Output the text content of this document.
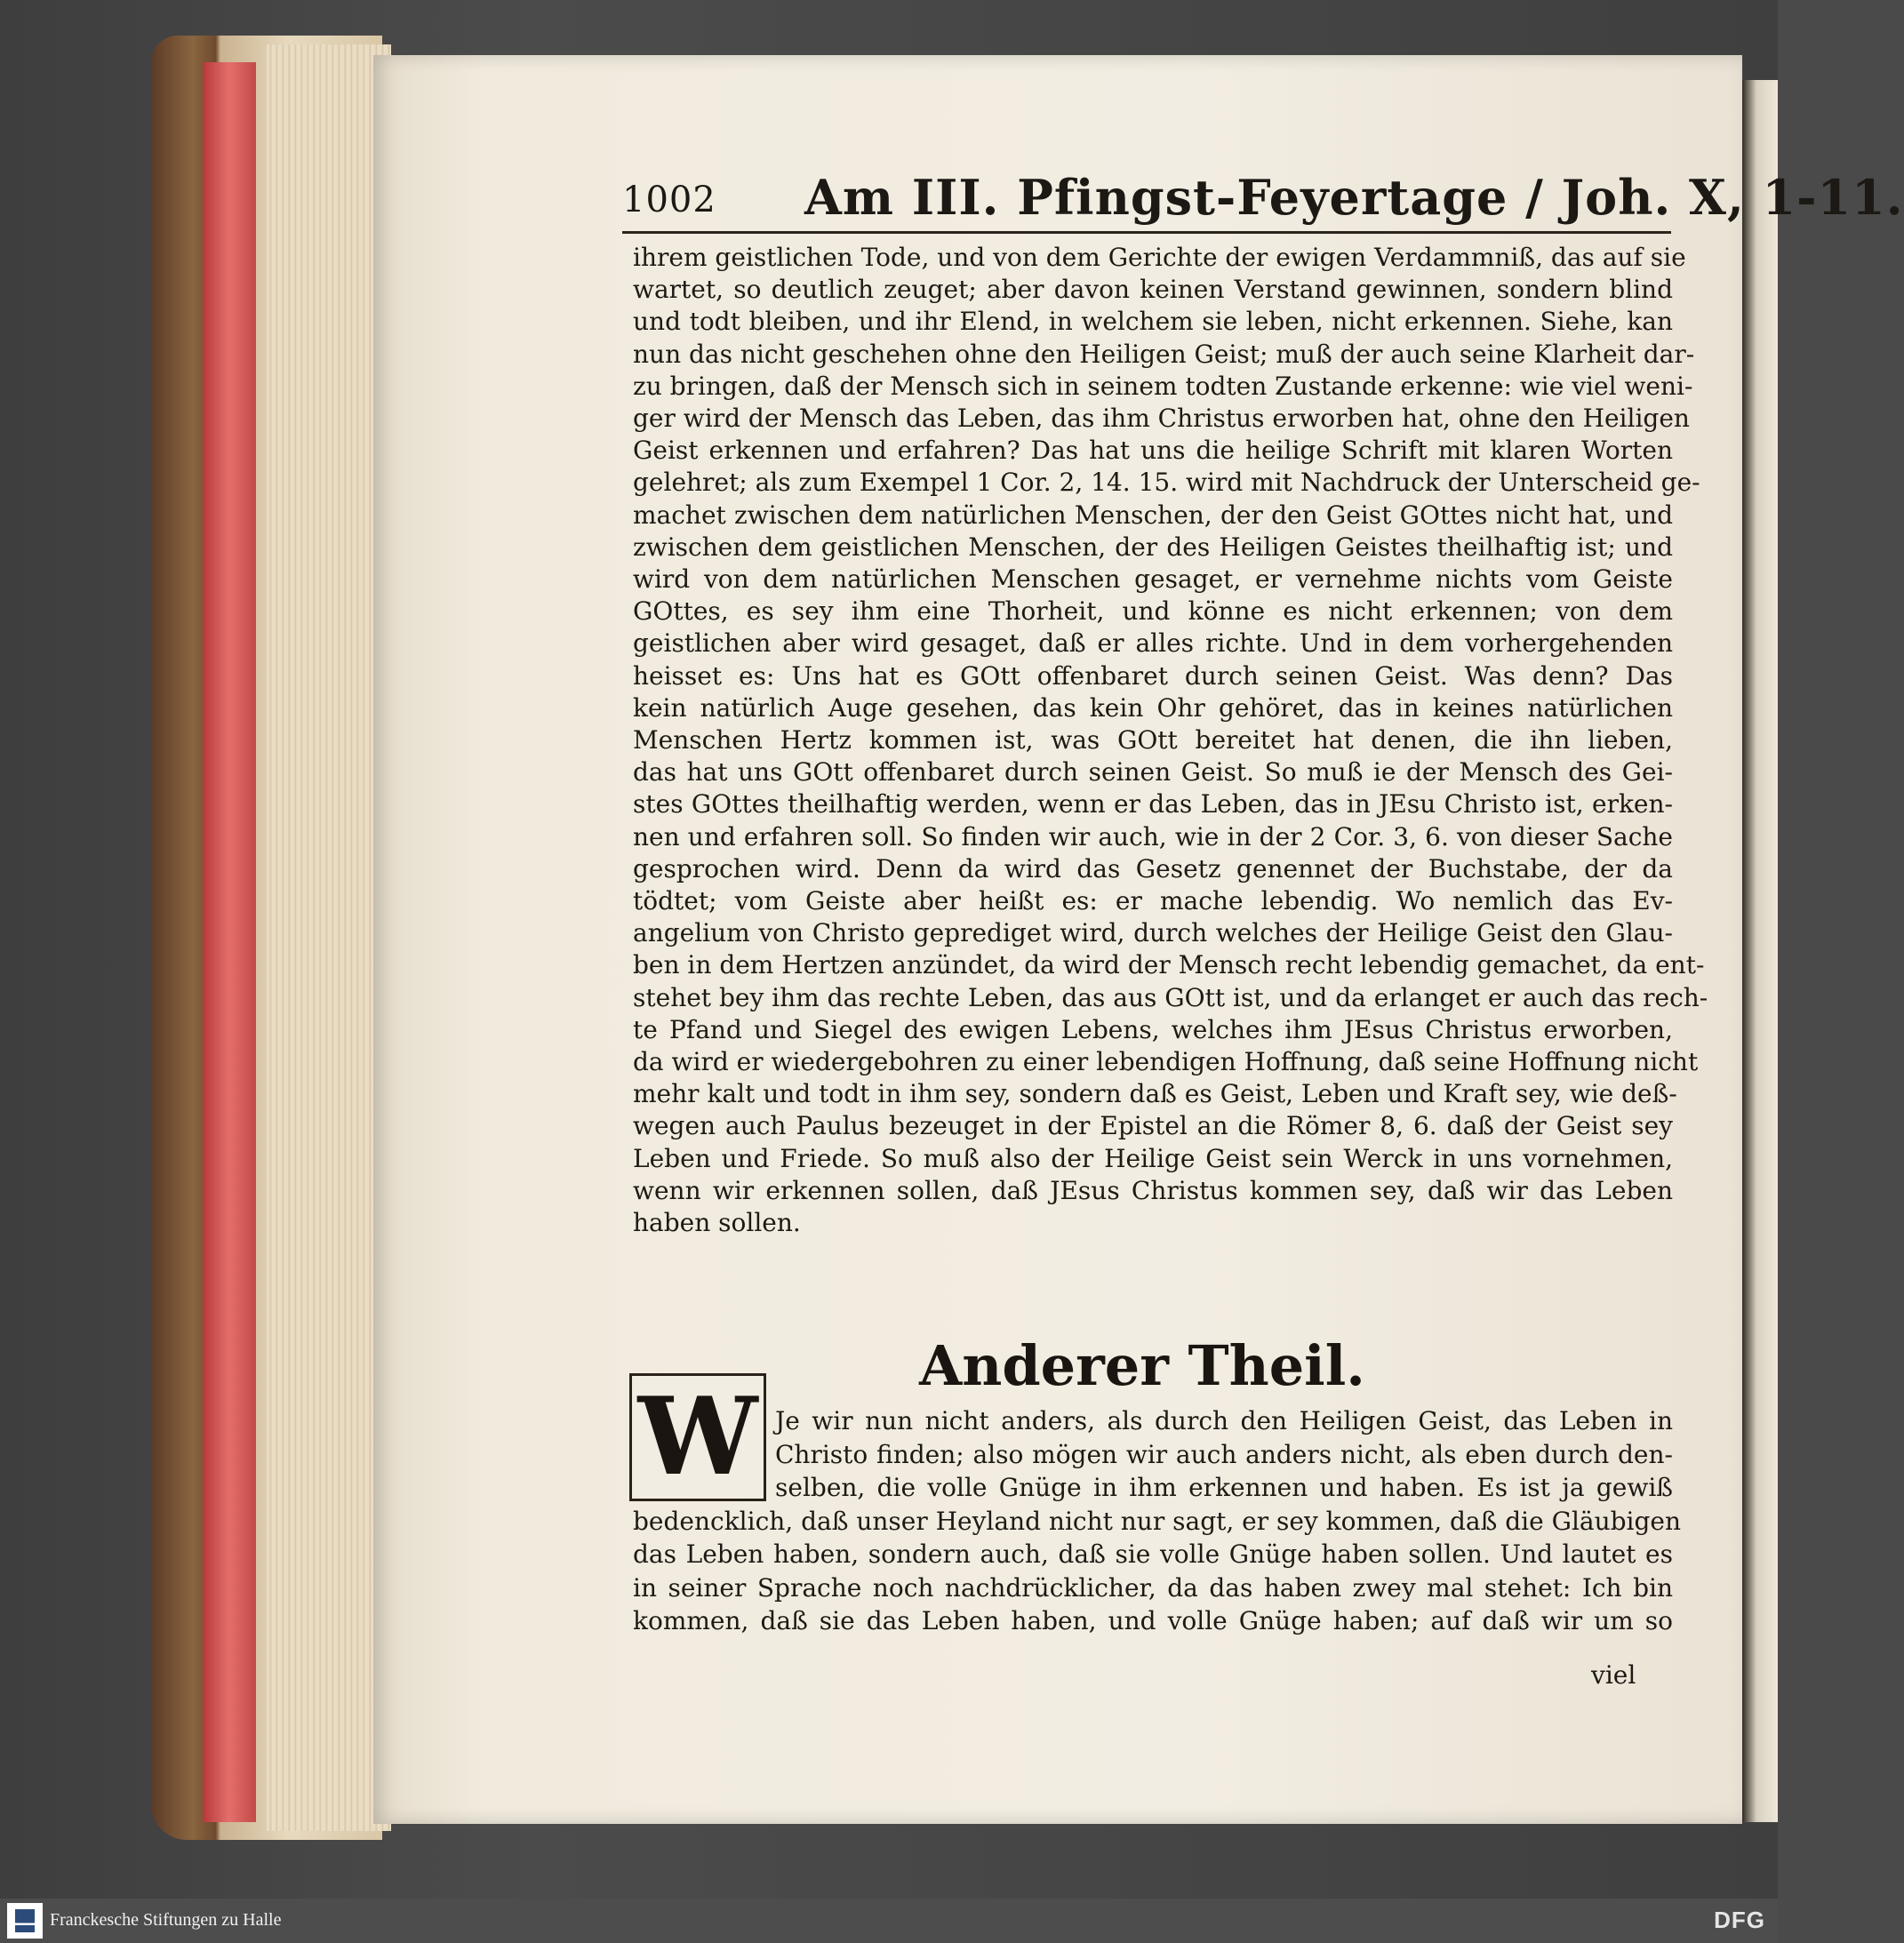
1002 Am III. Pfingst-Feyertage / Joh. X, 1-11.
ihrem geistlichen Tode, und von dem Gerichte der ewigen Verdammniß, das auf sie
wartet, so deutlich zeuget; aber davon keinen Verstand gewinnen, sondern blind
und todt bleiben, und ihr Elend, in welchem sie leben, nicht erkennen. Siehe, kan
nun das nicht geschehen ohne den Heiligen Geist; muß der auch seine Klarheit dar-
zu bringen, daß der Mensch sich in seinem todten Zustande erkenne: wie viel weni-
ger wird der Mensch das Leben, das ihm Christus erworben hat, ohne den Heiligen
Geist erkennen und erfahren? Das hat uns die heilige Schrift mit klaren Worten
gelehret; als zum Exempel 1 Cor. 2, 14. 15. wird mit Nachdruck der Unterscheid ge-
machet zwischen dem natürlichen Menschen, der den Geist GOttes nicht hat, und
zwischen dem geistlichen Menschen, der des Heiligen Geistes theilhaftig ist; und
wird von dem natürlichen Menschen gesaget, er vernehme nichts vom Geiste
GOttes, es sey ihm eine Thorheit, und könne es nicht erkennen; von dem
geistlichen aber wird gesaget, daß er alles richte. Und in dem vorhergehenden
heisset es: Uns hat es GOtt offenbaret durch seinen Geist. Was denn? Das
kein natürlich Auge gesehen, das kein Ohr gehöret, das in keines natürlichen
Menschen Hertz kommen ist, was GOtt bereitet hat denen, die ihn lieben,
das hat uns GOtt offenbaret durch seinen Geist. So muß ie der Mensch des Gei-
stes GOttes theilhaftig werden, wenn er das Leben, das in JEsu Christo ist, erken-
nen und erfahren soll. So finden wir auch, wie in der 2 Cor. 3, 6. von dieser Sache
gesprochen wird. Denn da wird das Gesetz genennet der Buchstabe, der da
tödtet; vom Geiste aber heißt es: er mache lebendig. Wo nemlich das Ev-
angelium von Christo geprediget wird, durch welches der Heilige Geist den Glau-
ben in dem Hertzen anzündet, da wird der Mensch recht lebendig gemachet, da ent-
stehet bey ihm das rechte Leben, das aus GOtt ist, und da erlanget er auch das rech-
te Pfand und Siegel des ewigen Lebens, welches ihm JEsus Christus erworben,
da wird er wiedergebohren zu einer lebendigen Hoffnung, daß seine Hoffnung nicht
mehr kalt und todt in ihm sey, sondern daß es Geist, Leben und Kraft sey, wie deß-
wegen auch Paulus bezeuget in der Epistel an die Römer 8, 6. daß der Geist sey
Leben und Friede. So muß also der Heilige Geist sein Werck in uns vornehmen,
wenn wir erkennen sollen, daß JEsus Christus kommen sey, daß wir das Leben
haben sollen.
Anderer Theil.
W Je wir nun nicht anders, als durch den Heiligen Geist, das Leben in
Christo finden; also mögen wir auch anders nicht, als eben durch den-
selben, die volle Gnüge in ihm erkennen und haben. Es ist ja gewiß
bedencklich, daß unser Heyland nicht nur sagt, er sey kommen, daß die Gläubigen
das Leben haben, sondern auch, daß sie volle Gnüge haben sollen. Und lautet es
in seiner Sprache noch nachdrücklicher, da das haben zwey mal stehet: Ich bin
kommen, daß sie das Leben haben, und volle Gnüge haben; auf daß wir um so
viel
Franckesche Stiftungen zu Halle	DFG
